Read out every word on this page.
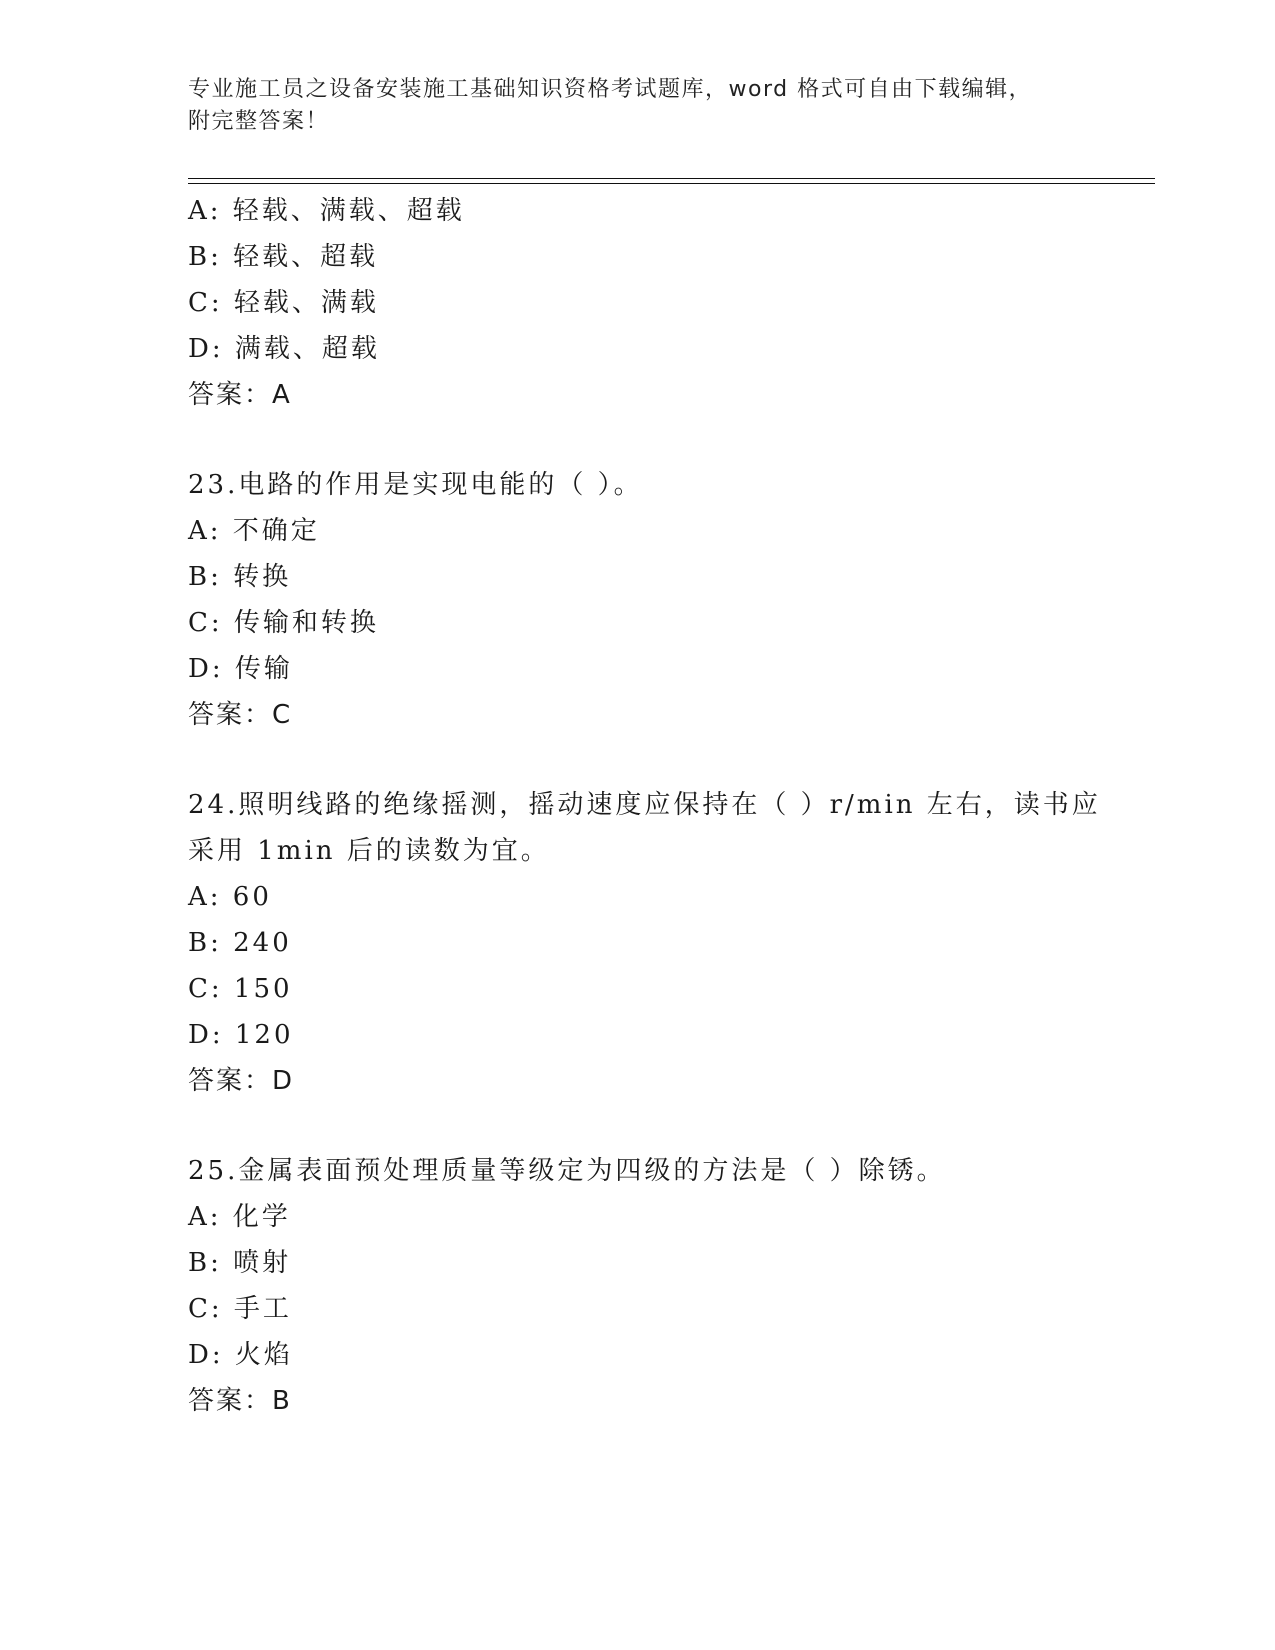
专业施工员之设备安装施工基础知识资格考试题库，word 格式可自由下载编辑，
附完整答案！
A: 轻载、满载、超载
B: 轻载、超载
C: 轻载、满载
D: 满载、超载
答案：A
23.电路的作用是实现电能的（ ）。
A: 不确定
B: 转换
C: 传输和转换
D: 传输
答案：C
24.照明线路的绝缘摇测，摇动速度应保持在（ ）r/min 左右，读书应
采用 1min 后的读数为宜。
A: 60
B: 240
C: 150
D: 120
答案：D
25.金属表面预处理质量等级定为四级的方法是（ ）除锈。
A: 化学
B: 喷射
C: 手工
D: 火焰
答案：B
